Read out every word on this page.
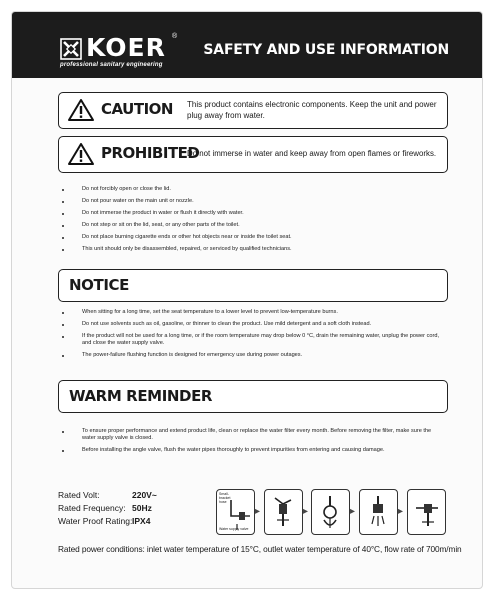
KOER ®
professional sanitary engineering
SAFETY AND USE INFORMATION
CAUTION This product contains electronic components. Keep the unit and power plug away from water.
PROHIBITED
Do not immerse in water and keep away from open flames or fireworks.
Do not forcibly open or close the lid.
Do not pour water on the main unit or nozzle.
Do not immerse the product in water or flush it directly with water.
Do not step or sit on the lid, seat, or any other parts of the toilet.
Do not place burning cigarette ends or other hot objects near or inside the toilet seat.
This unit should only be disassembled, repaired, or serviced by qualified technicians.
NOTICE
When sitting for a long time, set the seat temperature to a lower level to prevent low-temperature burns.
Do not use solvents such as oil, gasoline, or thinner to clean the product. Use mild detergent and a soft cloth instead.
If the product will not be used for a long time, or if the room temperature may drop below 0 °C, drain the remaining water, unplug the power cord, and close the water supply valve.
The power-failure flushing function is designed for emergency use during power outages.
WARM REMINDER
To ensure proper performance and extend product life, clean or replace the water filter every month. Before removing the filter, make sure the water supply valve is closed.
Before installing the angle valve, flush the water pipes thoroughly to prevent impurities from entering and causing damage.
Rated Volt:	220V~
Rated Frequency: 50Hz
Water Proof Rating: IPX4
Small-bracket hose
Water supply valve
▸	▸	▸	▸
Rated power conditions: inlet water temperature of 15°C, outlet water temperature of 40°C, flow rate of 700m/min
